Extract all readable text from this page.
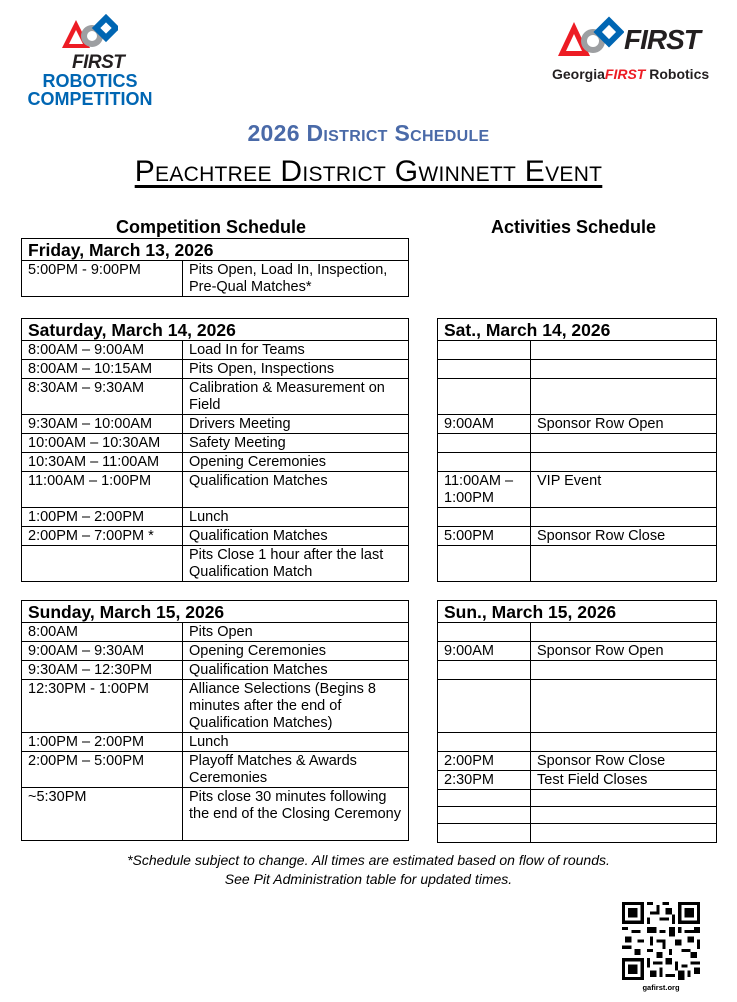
FIRST
ROBOTICS
COMPETITION
FIRST
GeorgiaFIRST Robotics
2026 District Schedule
Peachtree District Gwinnett Event
Competition Schedule	Activities Schedule
Friday, March 13, 2026
5:00PM - 9:00PM	Pits Open, Load In, Inspection, Pre-Qual Matches*
Saturday, March 14, 2026	
8:00AM – 9:00AM	Load In for Teams
8:00AM – 10:15AM	Pits Open, Inspections
8:30AM – 9:30AM	Calibration & Measurement on Field
9:30AM – 10:00AM	Drivers Meeting
10:00AM – 10:30AM	Safety Meeting
10:30AM – 11:00AM	Opening Ceremonies
11:00AM – 1:00PM	Qualification Matches
1:00PM – 2:00PM	Lunch
2:00PM – 7:00PM *	Qualification Matches
	Pits Close 1 hour after the last Qualification Match
Sat., March 14, 2026	

9:00AM	Sponsor Row Open

11:00AM – 1:00PM	VIP Event

5:00PM	Sponsor Row Close

Sunday, March 15, 2026	
8:00AM	Pits Open
9:00AM – 9:30AM	Opening Ceremonies
9:30AM – 12:30PM	Qualification Matches
12:30PM - 1:00PM	Alliance Selections (Begins 8 minutes after the end of Qualification Matches)
1:00PM – 2:00PM	Lunch
2:00PM – 5:00PM	Playoff Matches & Awards Ceremonies
~5:30PM	Pits close 30 minutes following the end of the Closing Ceremony
Sun., March 15, 2026	

9:00AM	Sponsor Row Open

2:00PM	Sponsor Row Close
2:30PM	Test Field Closes

*Schedule subject to change. All times are estimated based on flow of rounds.
See Pit Administration table for updated times.
gafirst.org
